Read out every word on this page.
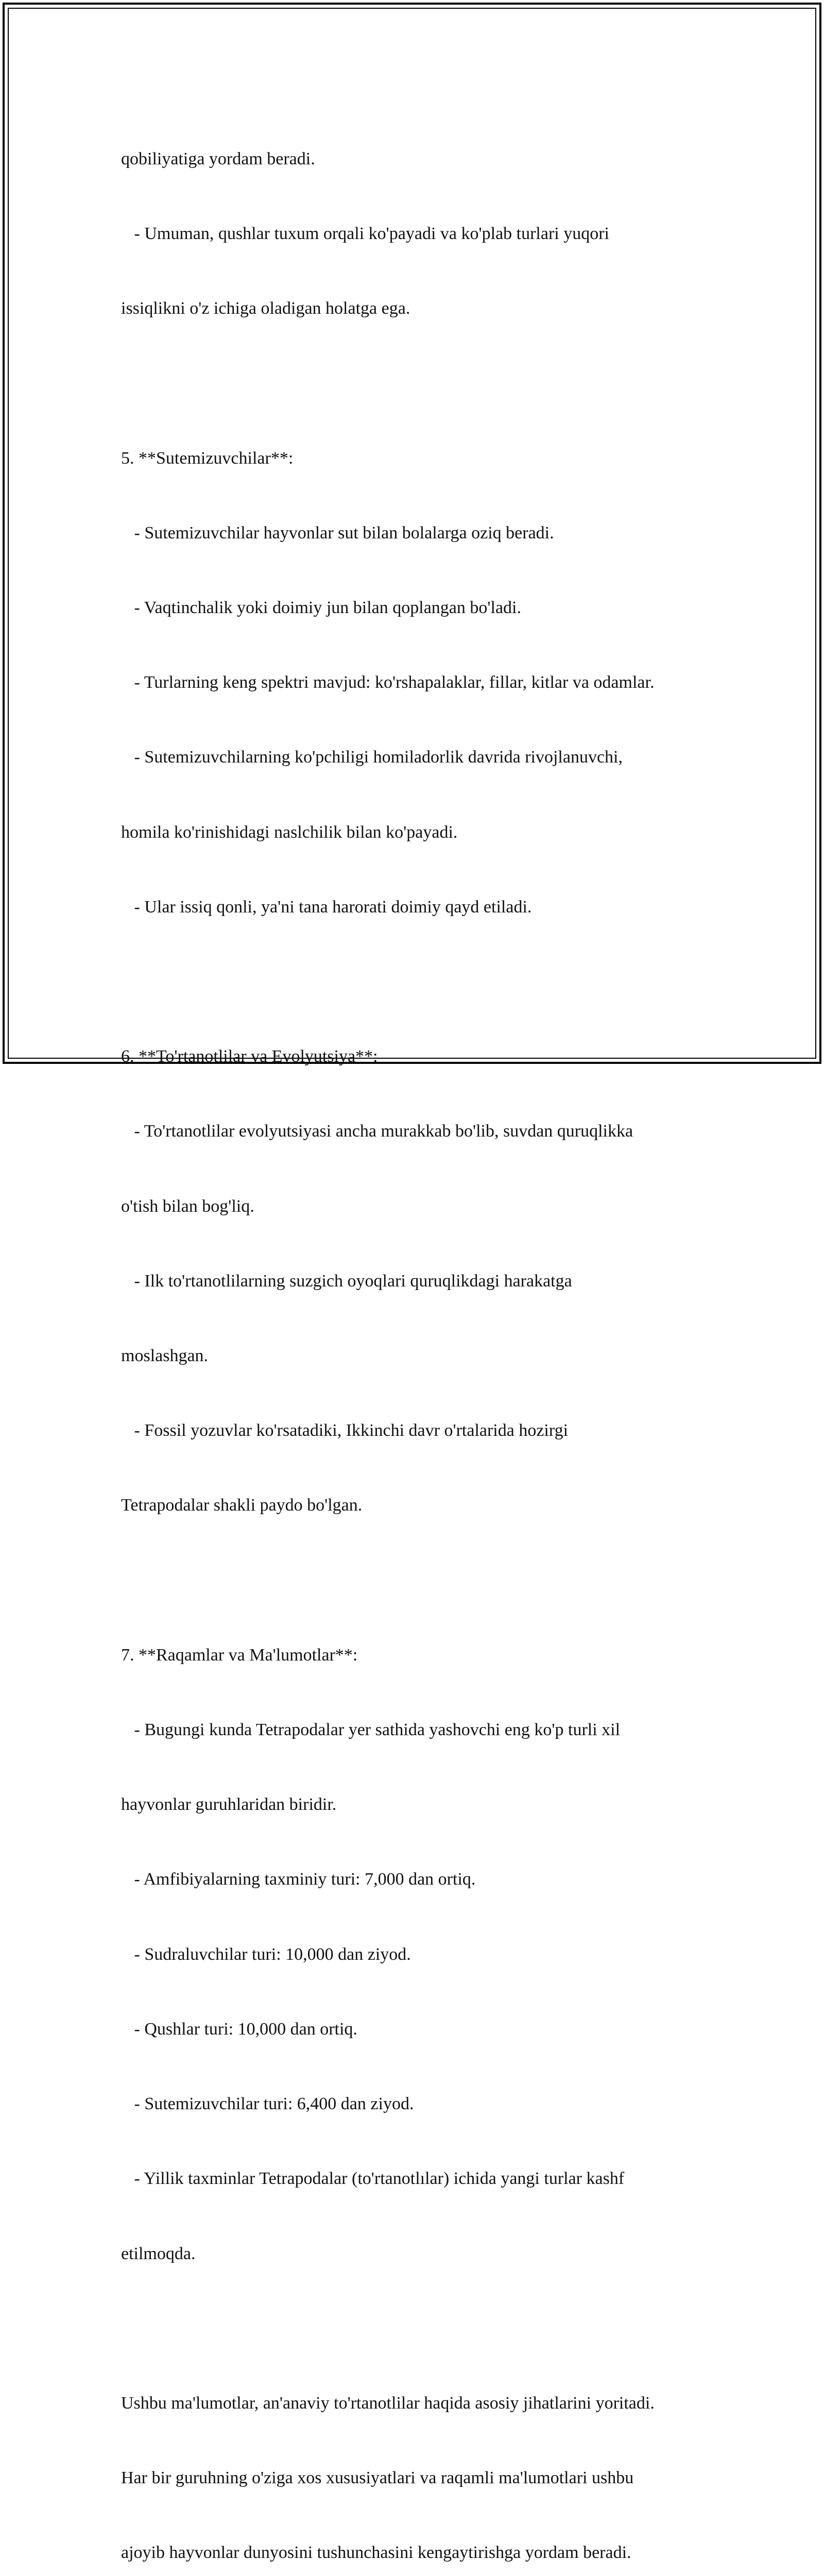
qobiliyatiga yordam beradi.

- Umuman, qushlar tuxum orqali ko'payadi va ko'plab turlari yuqori

issiqlikni o'z ichiga oladigan holatga ega.

5. **Sutemizuvchilar**:

- Sutemizuvchilar hayvonlar sut bilan bolalarga oziq beradi.

- Vaqtinchalik yoki doimiy jun bilan qoplangan bo'ladi.

- Turlarning keng spektri mavjud: ko'rshapalaklar, fillar, kitlar va odamlar.

- Sutemizuvchilarning ko'pchiligi homiladorlik davrida rivojlanuvchi,

homila ko'rinishidagi naslchilik bilan ko'payadi.

- Ular issiq qonli, ya'ni tana harorati doimiy qayd etiladi.

6. **To'rtanotlilar va Evolyutsiya**:

- To'rtanotlilar evolyutsiyasi ancha murakkab bo'lib, suvdan quruqlikka

o'tish bilan bog'liq.

- Ilk to'rtanotlilarning suzgich oyoqlari quruqlikdagi harakatga

moslashgan.

- Fossil yozuvlar ko'rsatadiki, Ikkinchi davr o'rtalarida hozirgi

Tetrapodalar shakli paydo bo'lgan.

7. **Raqamlar va Ma'lumotlar**:

- Bugungi kunda Tetrapodalar yer sathida yashovchi eng ko'p turli xil

hayvonlar guruhlaridan biridir.

- Amfibiyalarning taxminiy turi: 7,000 dan ortiq.

- Sudraluvchilar turi: 10,000 dan ziyod.

- Qushlar turi: 10,000 dan ortiq.

- Sutemizuvchilar turi: 6,400 dan ziyod.

- Yillik taxminlar Tetrapodalar (to'rtanotlılar) ichida yangi turlar kashf

etilmoqda.

Ushbu ma'lumotlar, an'anaviy to'rtanotlilar haqida asosiy jihatlarini yoritadi.

Har bir guruhning o'ziga xos xususiyatlari va raqamli ma'lumotlari ushbu

ajoyib hayvonlar dunyosini tushunchasini kengaytirishga yordam beradi.
